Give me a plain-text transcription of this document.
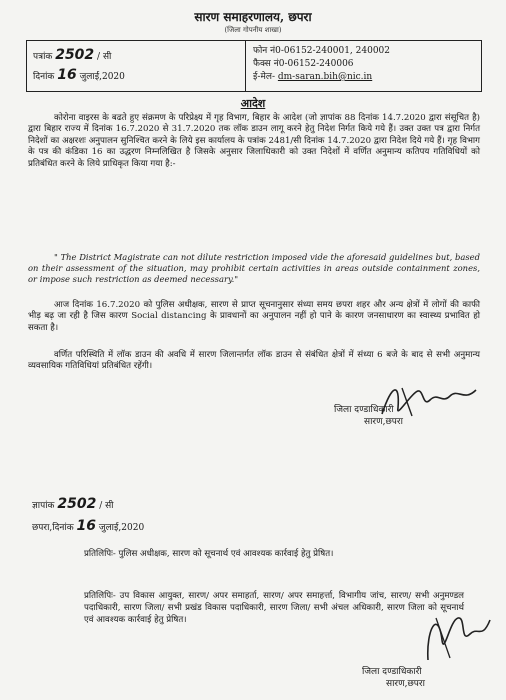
सारण समाहरणालय, छपरा
(जिला गोपनीय शाखा)
पत्रांक 2502 / सी
दिनांक 16 जुलाई,2020
फोन नं0-06152-240001, 240002
फैक्स नं0-06152-240006
ई-मेल- dm-saran.bih@nic.in
आदेश
कोरोना वाइरस के बढते हुए संक्रमण के परिप्रेक्ष्य में गृह विभाग, बिहार के आदेश (जो ज्ञापांक 88 दिनांक 14.7.2020 द्वारा संसूचित है) द्वारा बिहार राज्य में दिनांक 16.7.2020 से 31.7.2020 तक लॉक डाउन लागू करने हेतु निदेश निर्गत किये गये हैं। उक्त उक्त पत्र द्वारा निर्गत निदेशों का अक्षरशः अनुपालन सुनिश्चित करने के लिये इस कार्यालय के पत्रांक 2481/सी दिनांक 14.7.2020 द्वारा निदेश दिये गये हैं। गृह विभाग के पत्र की कंडिका 16 का उद्धरण निम्नलिखित है जिसके अनुसार जिलाधिकारी को उक्त निदेशों में वर्णित अनुमान्य कतिपय गतिविधियों को प्रतिबंधित करने के लिये प्राधिकृत किया गया है:-
" The District Magistrate can not dilute restriction imposed vide the aforesaid guidelines but, based on their assessment of the situation, may prohibit certain activities in areas outside containment zones, or impose such restriction as deemed necessary."
आज दिनांक 16.7.2020 को पुलिस अधीक्षक, सारण से प्राप्त सूचनानुसार संध्या समय छपरा शहर और अन्य क्षेत्रों में लोगों की काफी भीड़ बढ़ जा रही है जिस कारण Social distancing के प्रावधानों का अनुपालन नहीं हो पाने के कारण जनसाधारण का स्वास्थ्य प्रभावित हो सकता है।
वर्णित परिस्थिति में लॉक डाउन की अवधि में सारण जिलान्तर्गत लॉक डाउन से संबंधित क्षेत्रों में संध्या 6 बजे के बाद से सभी अनुमान्य व्यवसायिक गतिविधियां प्रतिबंधित रहेंगी।
जिला दण्डाधिकारी
सारण,छपरा
ज्ञापांक 2502 / सी
छपरा,दिनांक 16 जुलाई,2020
प्रतिलिपिः- पुलिस अधीक्षक, सारण को सूचनार्थ एवं आवश्यक कार्रवाई हेतु प्रेषित।
प्रतिलिपिः- उप विकास आयुक्त, सारण/ अपर समाहर्ता, सारण/ अपर समाहर्त्ता, विभागीय जांच, सारण/ सभी अनुमण्डल पदाधिकारी, सारण जिला/ सभी प्रखंड विकास पदाधिकारी, सारण जिला/ सभी अंचल अधिकारी, सारण जिला को सूचनार्थ एवं आवश्यक कार्रवाई हेतु प्रेषित।
जिला दण्डाधिकारी
सारण,छपरा
